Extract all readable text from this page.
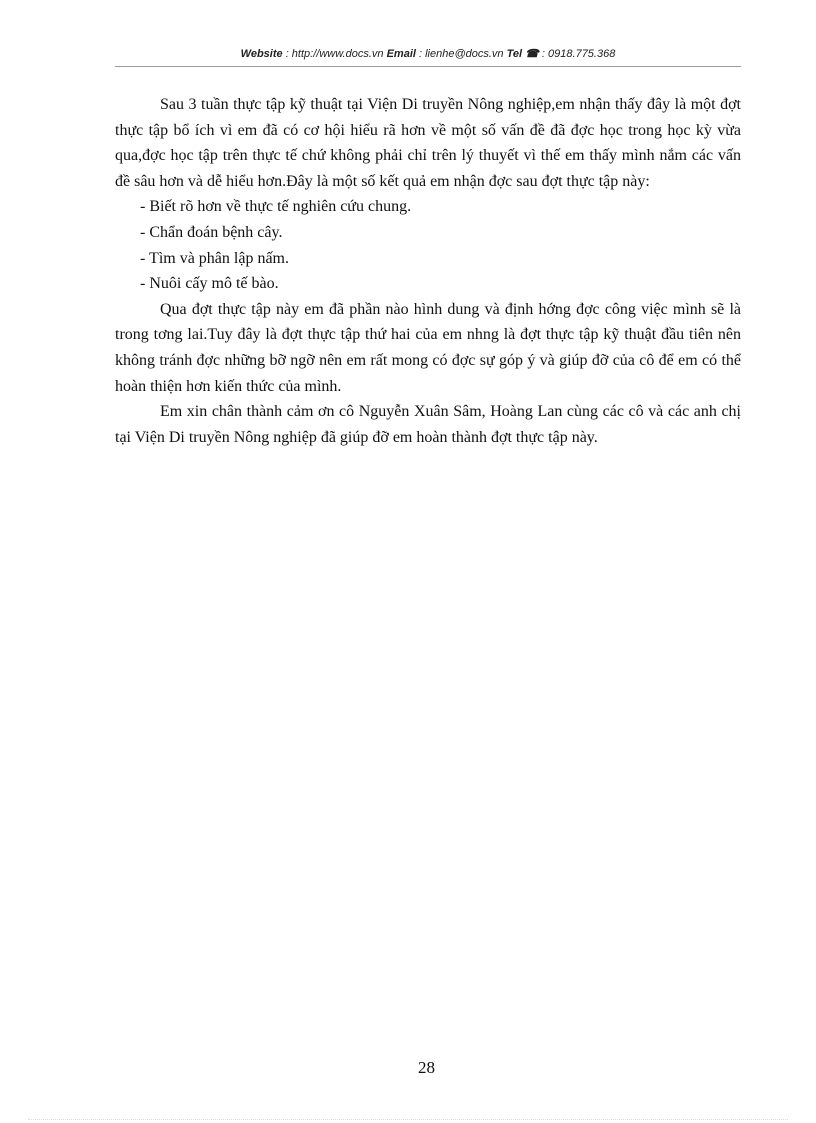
Website : http://www.docs.vn Email : lienhe@docs.vn Tel ☎ : 0918.775.368

Sau 3 tuần thực tập kỹ thuật tại Viện Di truyền Nông nghiệp,em nhận thấy đây là một đợt thực tập bổ ích vì em đã có cơ hội hiểu rã hơn về một số vấn đề đã đợc học trong học kỳ vừa qua,đợc học tập trên thực tế chứ không phải chỉ trên lý thuyết vì thế em thấy mình nắm các vấn đề sâu hơn và dễ hiểu hơn.Đây là một số kết quả em nhận đợc sau đợt thực tập này:

- Biết rõ hơn về thực tế nghiên cứu chung.

- Chẩn đoán bệnh cây.

- Tìm và phân lập nấm.

- Nuôi cấy mô tế bào.

Qua đợt thực tập này em đã phần nào hình dung và định hớng đợc công việc mình sẽ là trong tơng lai.Tuy đây là đợt thực tập thứ hai của em nhng là đợt thực tập kỹ thuật đầu tiên nên không tránh đợc những bỡ ngỡ nên em rất mong có đợc sự góp ý và giúp đỡ của cô để em có thể hoàn thiện hơn kiến thức của mình.

Em xin chân thành cảm ơn cô Nguyễn Xuân Sâm, Hoàng Lan cùng các cô và các anh chị tại Viện Di truyền Nông nghiệp đã giúp đỡ em hoàn thành đợt thực tập này.

28
